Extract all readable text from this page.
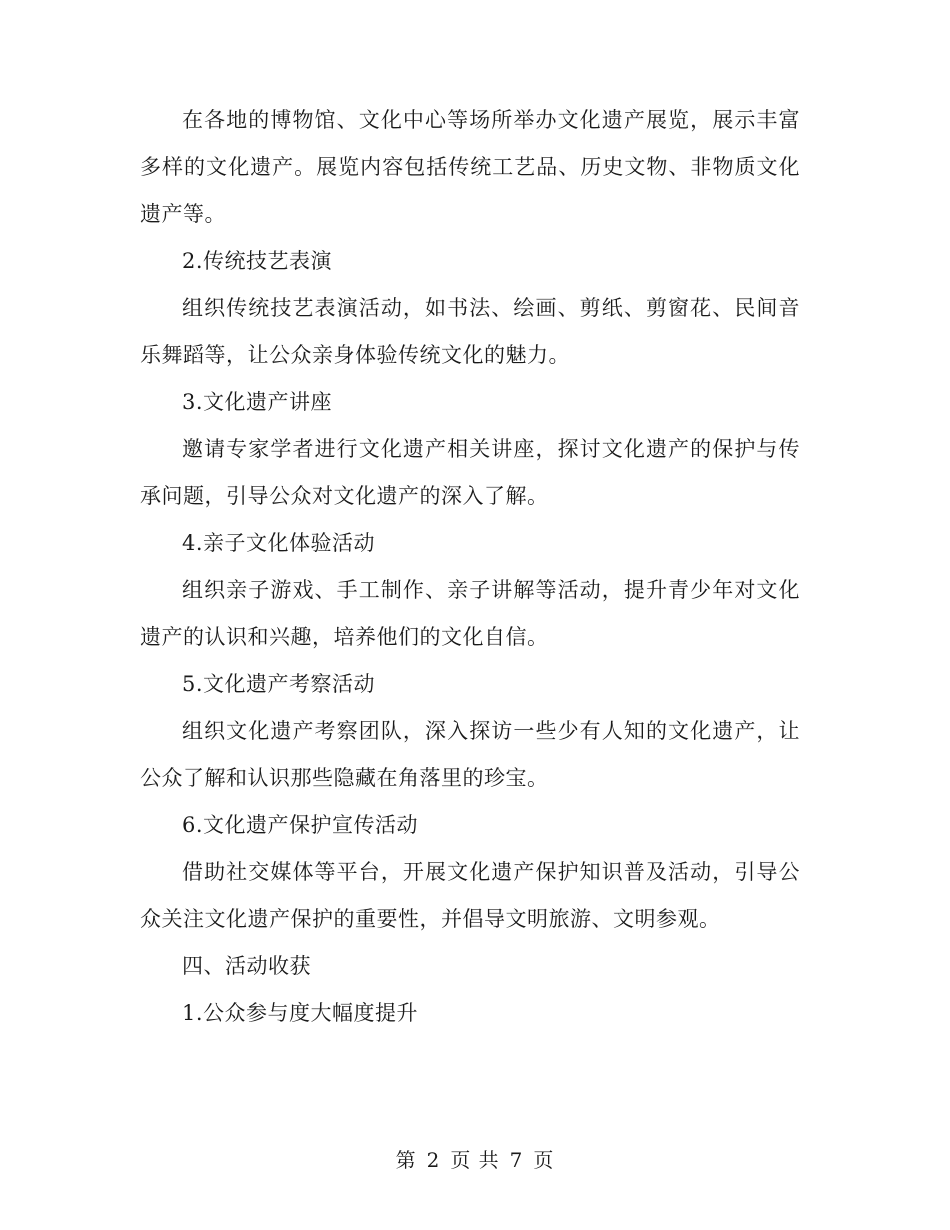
在各地的博物馆、文化中心等场所举办文化遗产展览，展示丰富多样的文化遗产。展览内容包括传统工艺品、历史文物、非物质文化遗产等。

2.传统技艺表演

组织传统技艺表演活动，如书法、绘画、剪纸、剪窗花、民间音乐舞蹈等，让公众亲身体验传统文化的魅力。

3.文化遗产讲座

邀请专家学者进行文化遗产相关讲座，探讨文化遗产的保护与传承问题，引导公众对文化遗产的深入了解。

4.亲子文化体验活动

组织亲子游戏、手工制作、亲子讲解等活动，提升青少年对文化遗产的认识和兴趣，培养他们的文化自信。

5.文化遗产考察活动

组织文化遗产考察团队，深入探访一些少有人知的文化遗产，让公众了解和认识那些隐藏在角落里的珍宝。

6.文化遗产保护宣传活动

借助社交媒体等平台，开展文化遗产保护知识普及活动，引导公众关注文化遗产保护的重要性，并倡导文明旅游、文明参观。

四、活动收获

1.公众参与度大幅度提升

第 2 页 共 7 页
